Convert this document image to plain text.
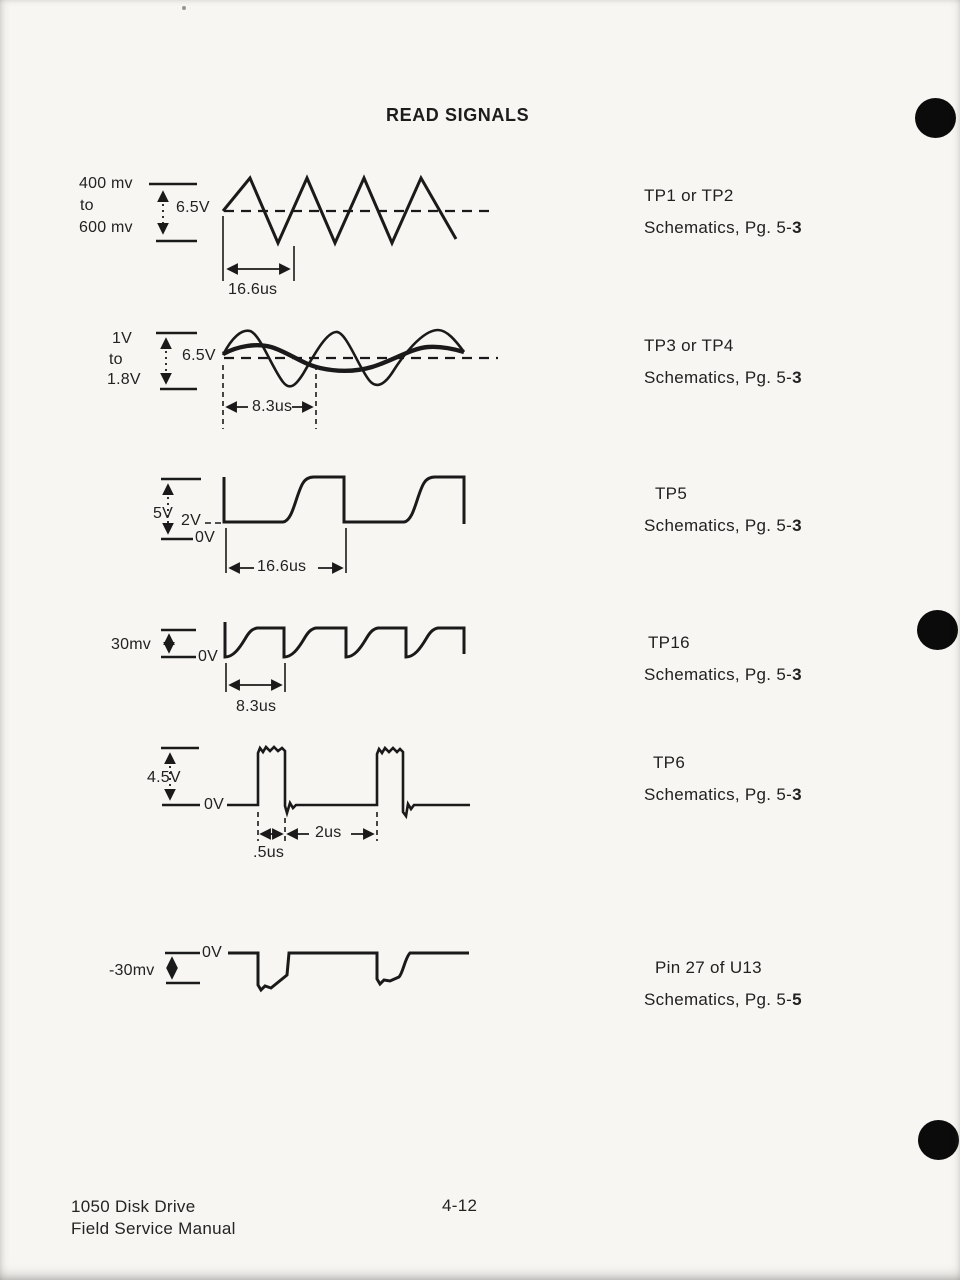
READ SIGNALS
400 mv
to
600 mv
6.5V
16.6us

TP1 or TP2

Schematics, Pg. 5-3

1V
to
1.8V
6.5V
8.3us

TP3 or TP4

Schematics, Pg. 5-3

5V 2V
0V
16.6us

TP5

Schematics, Pg. 5-3

30mv
0V
8.3us

TP16

Schematics, Pg. 5-3

4.5V
0V
2us
.5us

TP6

Schematics, Pg. 5-3

0V
-30mv	Pin 27 of U13

Schematics, Pg. 5-5

1050 Disk Drive
Field Service Manual
4-12
